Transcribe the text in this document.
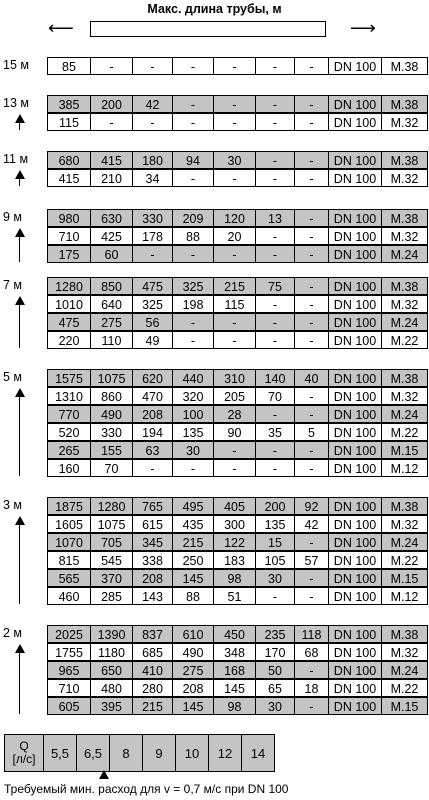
Макс. длина трубы, м
⟵	⟶
15 м	85	-	-	-	-	-	-	DN 100	M.38
13 м	385	200	42	-	-	-	-	DN 100	M.38
115	-	-	-	-	-	-	DN 100	M.32
11 м	680	415	180	94	30	-	-	DN 100	M.38
415	210	34	-	-	-	-	DN 100	M.32
9 м	980	630	330	209	120	13	-	DN 100	M.38
710	425	178	88	20	-	-	DN 100	M.32
175	60	-	-	-	-	-	DN 100	M.24
7 м	1280	850	475	325	215	75	-	DN 100	M.38
1010	640	325	198	115	-	-	DN 100	M.32
475	275	56	-	-	-	-	DN 100	M.24
220	110	49	-	-	-	-	DN 100	M.22
5 м	1575	1075	620	440	310	140	40	DN 100	M.38
1310	860	470	320	205	70	-	DN 100	M.32
770	490	208	100	28	-	-	DN 100	M.24
520	330	194	135	90	35	5	DN 100	M.22
265	155	63	30	-	-	-	DN 100	M.15
160	70	-	-	-	-	-	DN 100	M.12
3 м	1875	1280	765	495	405	200	92	DN 100	M.38
1605	1075	615	435	300	135	42	DN 100	M.32
1070	705	345	215	122	15	-	DN 100	M.24
815	545	338	250	183	105	57	DN 100	M.22
565	370	208	145	98	30	-	DN 100	M.15
460	285	143	88	51	-	-	DN 100	M.12
2 м	2025	1390	837	610	450	235	118 DN 100	M.38
1755	1180	685	490	348	170	68	DN 100	M.32
965	650	410	275	168	50	-	DN 100	M.24
710	480	280	208	145	65	18	DN 100	M.22
605	395	215	145	98	30	-	DN 100	M.15
Q
[л/с]	5,5	6,5	8	9	10	12	14
Требуемый мин. расход для v = 0,7 м/с при DN 100
